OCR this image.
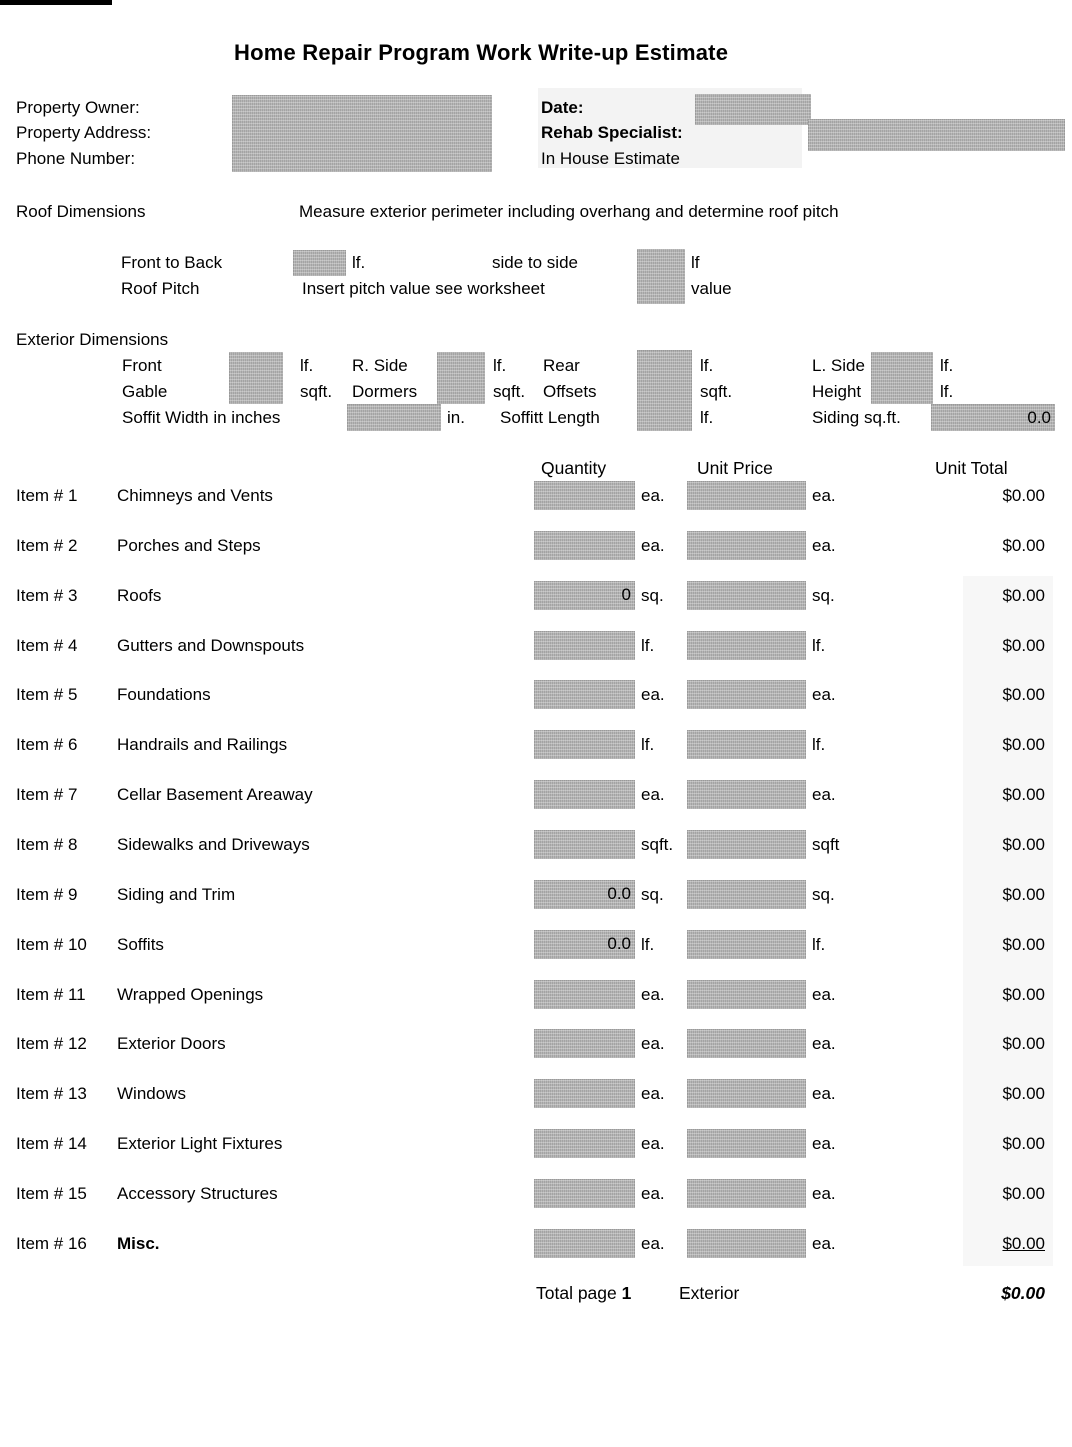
Home Repair Program Work Write-up Estimate
Property Owner:
Property Address:
Phone Number:
Date:
Rehab Specialist:
In House Estimate
Roof Dimensions	Measure exterior perimeter including overhang and determine roof pitch
Front to Back	lf.	side to side	lf
Roof Pitch	Insert pitch value see worksheet	value
Exterior Dimensions
Front	lf. R. Side	lf. Rear	lf.	L. Side	lf.
Gable	sqft. Dormers	sqft. Offsets	sqft.	Height	lf.
Soffit Width in inches	in. Soffitt Length	lf.	Siding sq.ft.	0.0
Quantity	Unit Price	Unit Total
Item # 1 Chimneys and Vents	ea.	ea.	$0.00
Item # 2 Porches and Steps	ea.	ea.	$0.00
Item # 3 Roofs	0 sq.	sq.	$0.00
Item # 4 Gutters and Downspouts	lf.	lf.	$0.00
Item # 5 Foundations	ea.	ea.	$0.00
Item # 6 Handrails and Railings	lf.	lf.	$0.00
Item # 7 Cellar Basement Areaway	ea.	ea.	$0.00
Item # 8 Sidewalks and Driveways	sqft.	sqft	$0.00
Item # 9 Siding and Trim	0.0 sq.	sq.	$0.00
Item # 10 Soffits	0.0 lf.	lf.	$0.00
Item # 11 Wrapped Openings	ea.	ea.	$0.00
Item # 12 Exterior Doors	ea.	ea.	$0.00
Item # 13 Windows	ea.	ea.	$0.00
Item # 14 Exterior Light Fixtures	ea.	ea.	$0.00
Item # 15 Accessory Structures	ea.	ea.	$0.00
Item # 16 Misc.	ea.	ea.	$0.00
Total page 1	Exterior	$0.00
